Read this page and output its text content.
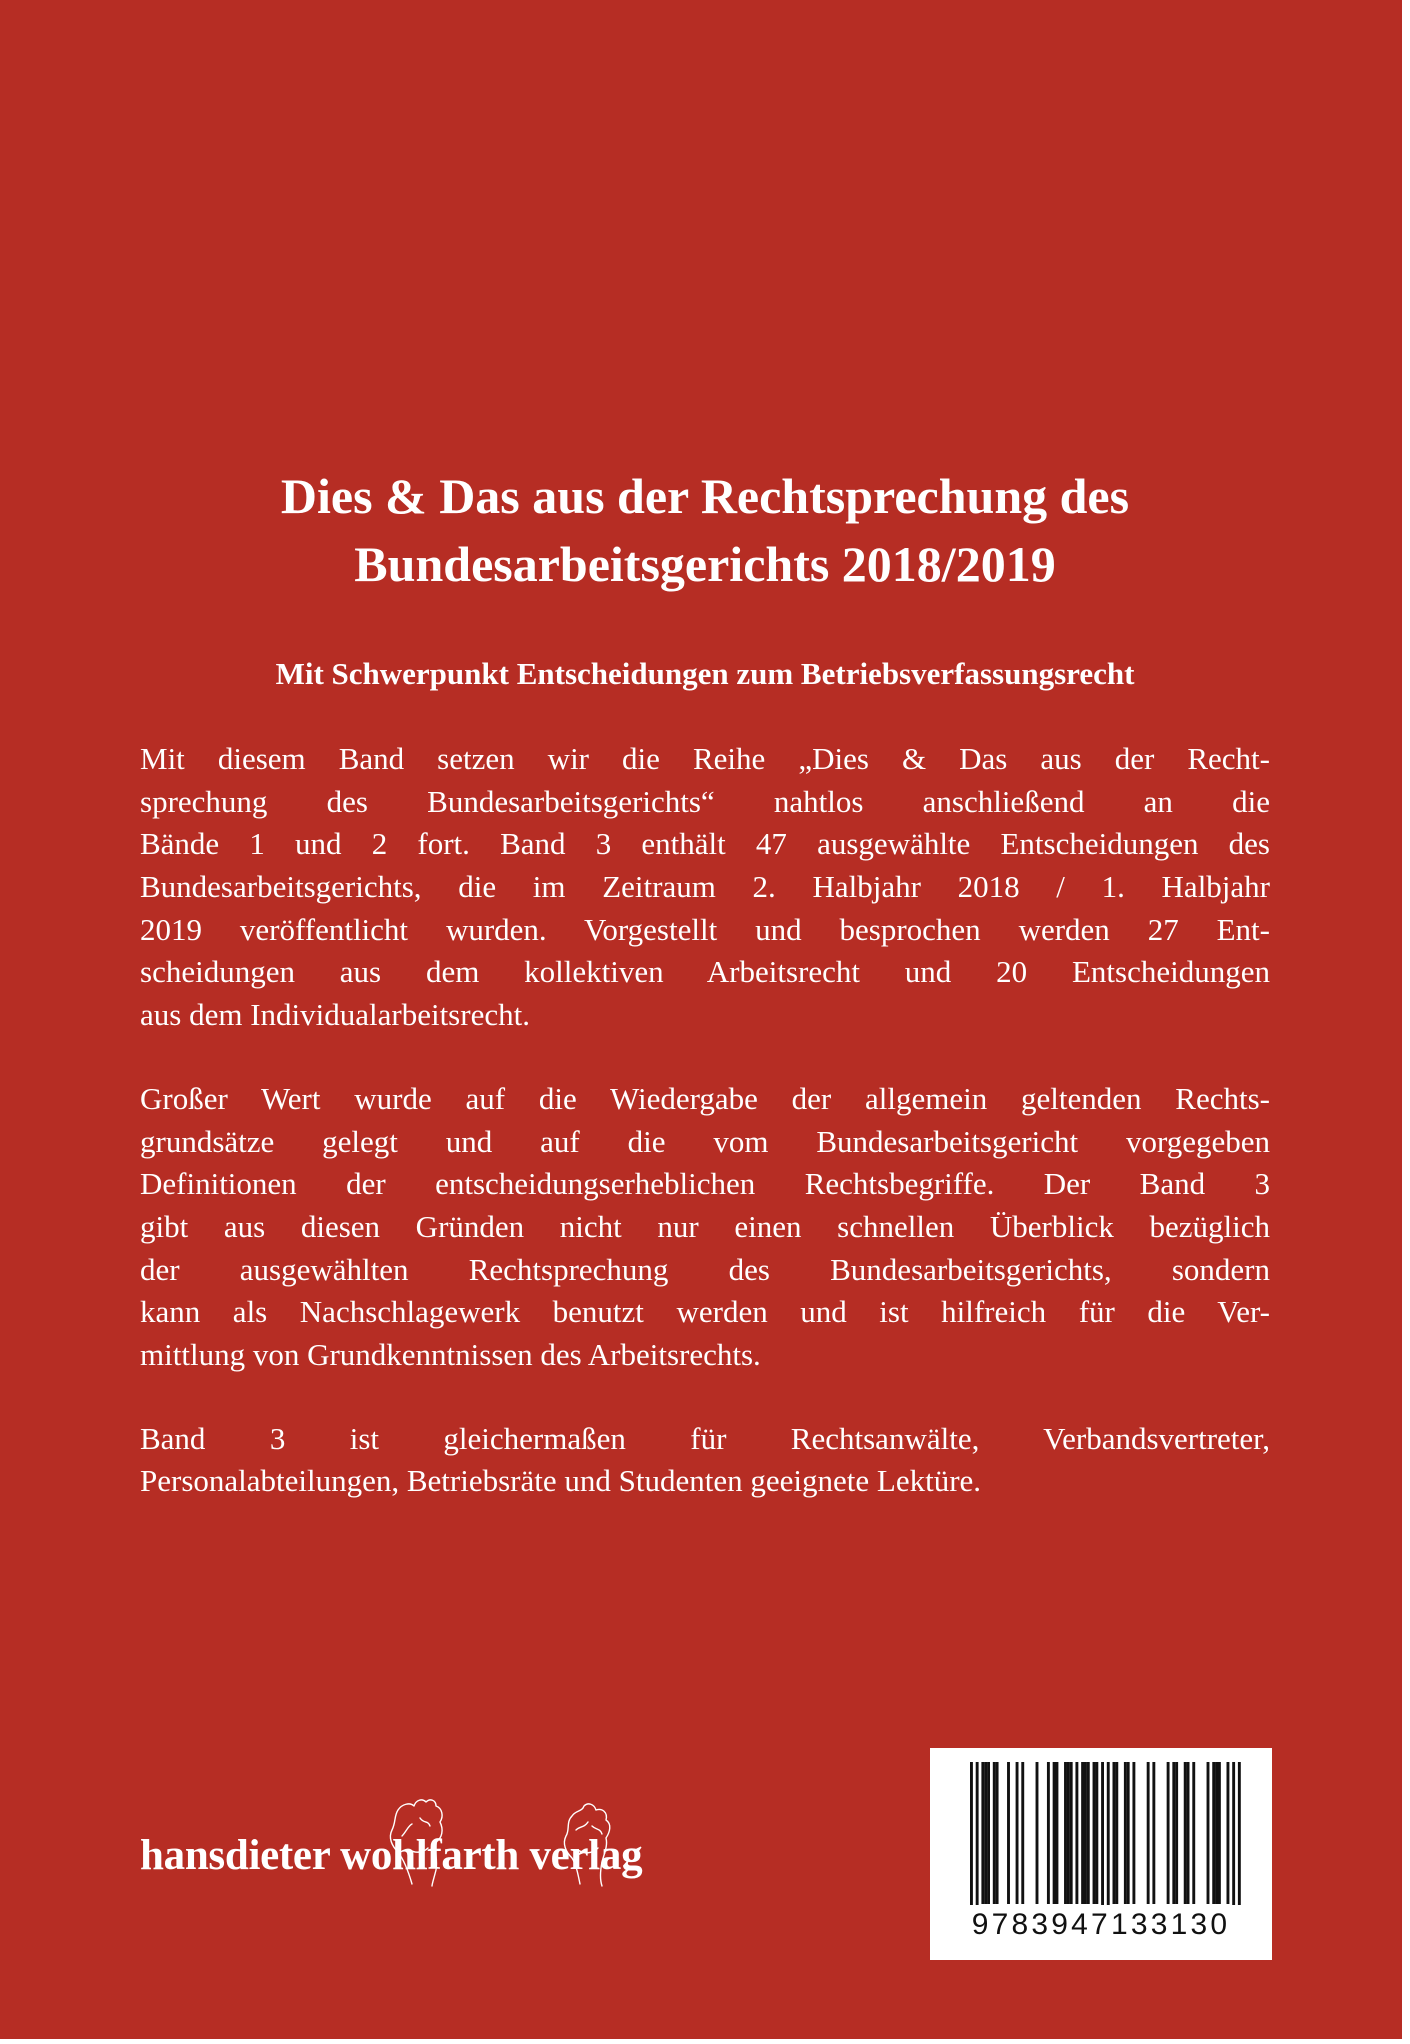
Dies & Das aus der Rechtsprechung des
Bundesarbeitsgerichts 2018/2019
Mit Schwerpunkt Entscheidungen zum Betriebsverfassungsrecht

Mit diesem Band setzen wir die Reihe „Dies & Das aus der Recht-
sprechung des Bundesarbeitsgerichts“ nahtlos anschließend an die
Bände 1 und 2 fort. Band 3 enthält 47 ausgewählte Entscheidungen des
Bundesarbeitsgerichts, die im Zeitraum 2. Halbjahr 2018 / 1. Halbjahr
2019 veröffentlicht wurden. Vorgestellt und besprochen werden 27 Ent-
scheidungen aus dem kollektiven Arbeitsrecht und 20 Entscheidungen
aus dem Individualarbeitsrecht.

Großer Wert wurde auf die Wiedergabe der allgemein geltenden Rechts-
grundsätze gelegt und auf die vom Bundesarbeitsgericht vorgegeben
Definitionen der entscheidungserheblichen Rechtsbegriffe. Der Band 3
gibt aus diesen Gründen nicht nur einen schnellen Überblick bezüglich
der ausgewählten Rechtsprechung des Bundesarbeitsgerichts, sondern
kann als Nachschlagewerk benutzt werden und ist hilfreich für die Ver-
mittlung von Grundkenntnissen des Arbeitsrechts.

Band 3 ist gleichermaßen für Rechtsanwälte, Verbandsvertreter,
Personalabteilungen, Betriebsräte und Studenten geeignete Lektüre.

hansdieter wohlfarth verlag
9783947133130
